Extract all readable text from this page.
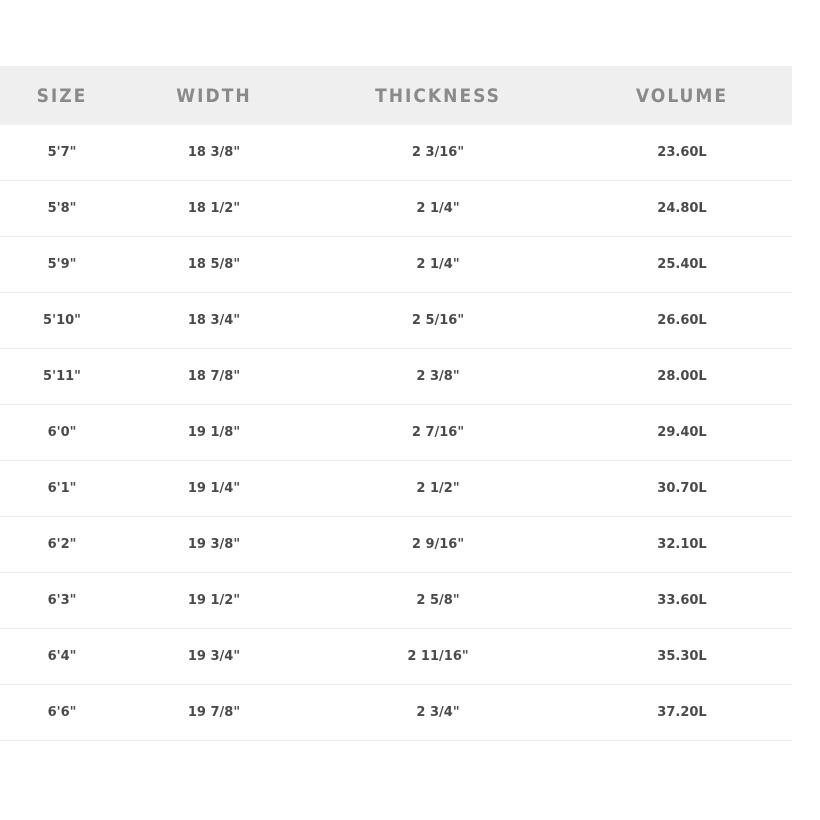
SIZE	WIDTH	THICKNESS	VOLUME
5'7"	18 3/8"	2 3/16"	23.60L
5'8"	18 1/2"	2 1/4"	24.80L
5'9"	18 5/8"	2 1/4"	25.40L
5'10"	18 3/4"	2 5/16"	26.60L
5'11"	18 7/8"	2 3/8"	28.00L
6'0"	19 1/8"	2 7/16"	29.40L
6'1"	19 1/4"	2 1/2"	30.70L
6'2"	19 3/8"	2 9/16"	32.10L
6'3"	19 1/2"	2 5/8"	33.60L
6'4"	19 3/4"	2 11/16"	35.30L
6'6"	19 7/8"	2 3/4"	37.20L
